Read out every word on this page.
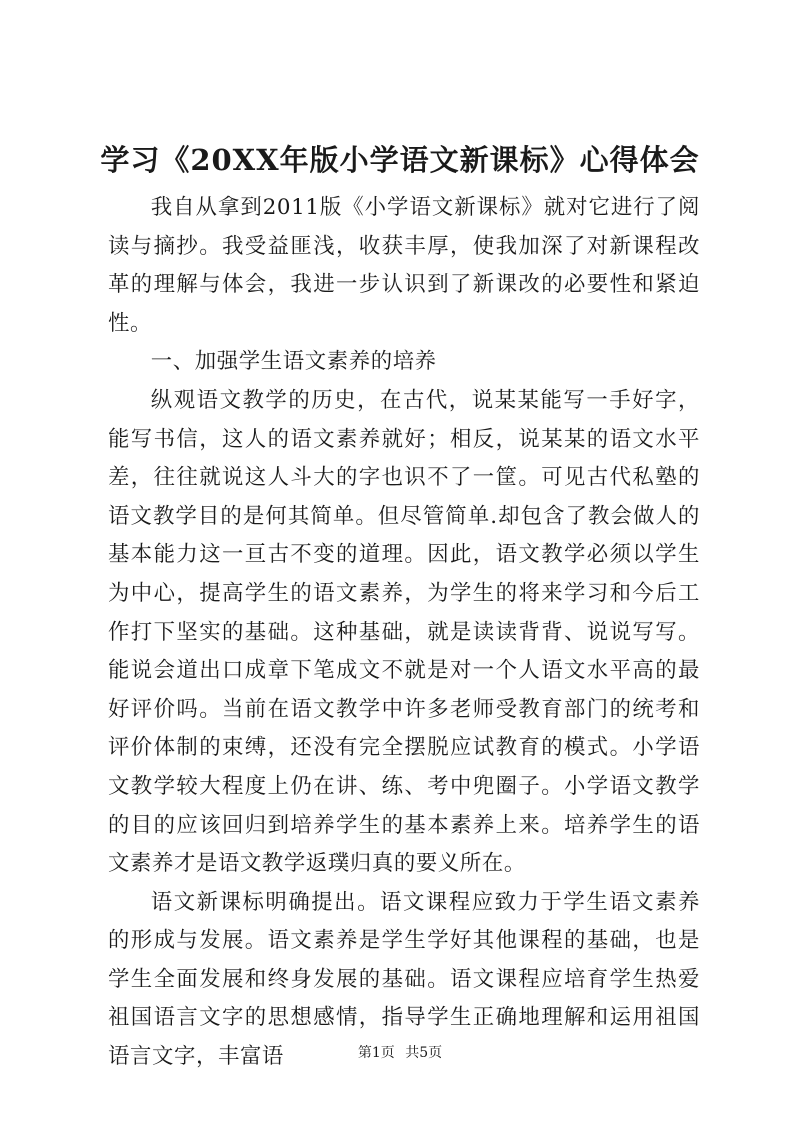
学习《20XX年版小学语文新课标》心得体会

我自从拿到2011版《小学语文新课标》就对它进行了阅读与摘抄。我受益匪浅，收获丰厚，使我加深了对新课程改革的理解与体会，我进一步认识到了新课改的必要性和紧迫性。

一、加强学生语文素养的培养

纵观语文教学的历史，在古代，说某某能写一手好字，能写书信，这人的语文素养就好；相反，说某某的语文水平差，往往就说这人斗大的字也识不了一筐。可见古代私塾的语文教学目的是何其简单。但尽管简单.却包含了教会做人的基本能力这一亘古不变的道理。因此，语文教学必须以学生为中心，提高学生的语文素养，为学生的将来学习和今后工作打下坚实的基础。这种基础，就是读读背背、说说写写。能说会道出口成章下笔成文不就是对一个人语文水平高的最好评价吗。当前在语文教学中许多老师受教育部门的统考和评价体制的束缚，还没有完全摆脱应试教育的模式。小学语文教学较大程度上仍在讲、练、考中兜圈子。小学语文教学的目的应该回归到培养学生的基本素养上来。培养学生的语文素养才是语文教学返璞归真的要义所在。

语文新课标明确提出。语文课程应致力于学生语文素养的形成与发展。语文素养是学生学好其他课程的基础，也是学生全面发展和终身发展的基础。语文课程应培育学生热爱祖国语言文字的思想感情，指导学生正确地理解和运用祖国语言文字，丰富语	第1页 共5页
